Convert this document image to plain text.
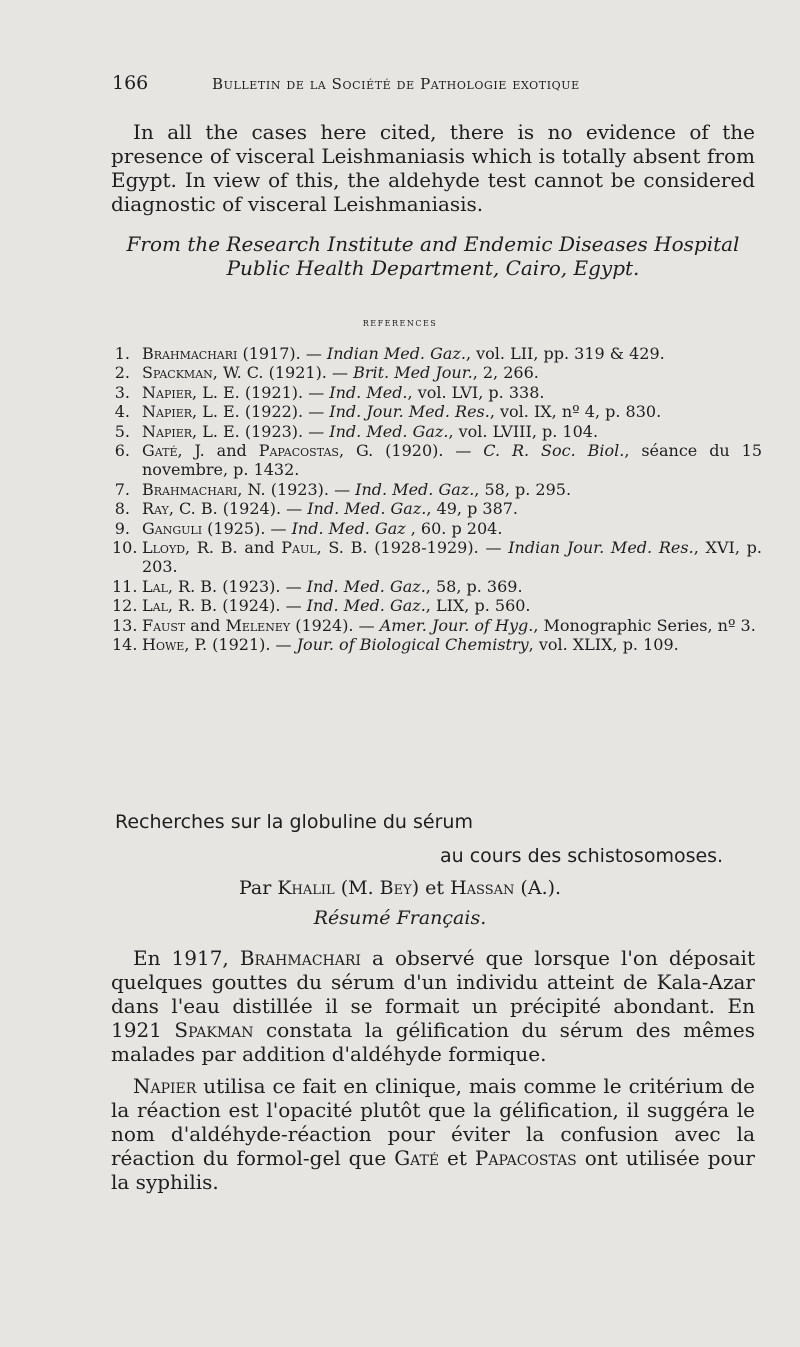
166	Bulletin de la Société de Pathologie exotique

In all the cases here cited, there is no evidence of the presence of visceral Leishmaniasis which is totally absent from Egypt. In view of this, the aldehyde test cannot be considered diagnostic of visceral Leishmaniasis.

From the Research Institute and Endemic Diseases Hospital
Public Health Department, Cairo, Egypt.
references
1. Brahmachari (1917). — Indian Med. Gaz., vol. LII, pp. 319 & 429.
2. Spackman, W. C. (1921). — Brit. Med Jour., 2, 266.
3. Napier, L. E. (1921). — Ind. Med., vol. LVI, p. 338.
4. Napier, L. E. (1922). — Ind. Jour. Med. Res., vol. IX, nº 4, p. 830.
5. Napier, L. E. (1923). — Ind. Med. Gaz., vol. LVIII, p. 104.
6. Gaté, J. and Papacostas, G. (1920). — C. R. Soc. Biol., séance du 15 novembre, p. 1432.
7. Brahmachari, N. (1923). — Ind. Med. Gaz., 58, p. 295.
8. Ray, C. B. (1924). — Ind. Med. Gaz., 49, p 387.
9. Ganguli (1925). — Ind. Med. Gaz , 60. p 204.
10. Lloyd, R. B. and Paul, S. B. (1928-1929). — Indian Jour. Med. Res., XVI, p. 203.
11. Lal, R. B. (1923). — Ind. Med. Gaz., 58, p. 369.
12. Lal, R. B. (1924). — Ind. Med. Gaz., LIX, p. 560.
13. Faust and Meleney (1924). — Amer. Jour. of Hyg., Monographic Series, nº 3.
14. Howe, P. (1921). — Jour. of Biological Chemistry, vol. XLIX, p. 109.
Recherches sur la globuline du sérum
au cours des schistosomoses.
Par Khalil (M. Bey) et Hassan (A.).
Résumé Français.

En 1917, Brahmachari a observé que lorsque l'on déposait quelques gouttes du sérum d'un individu atteint de Kala-Azar dans l'eau distillée il se formait un précipité abondant. En 1921 Spakman constata la gélification du sérum des mêmes malades par addition d'aldéhyde formique.

Napier utilisa ce fait en clinique, mais comme le critérium de la réaction est l'opacité plutôt que la gélification, il suggéra le nom d'aldéhyde-réaction pour éviter la confusion avec la réaction du formol-gel que Gaté et Papacostas ont utilisée pour la syphilis.
